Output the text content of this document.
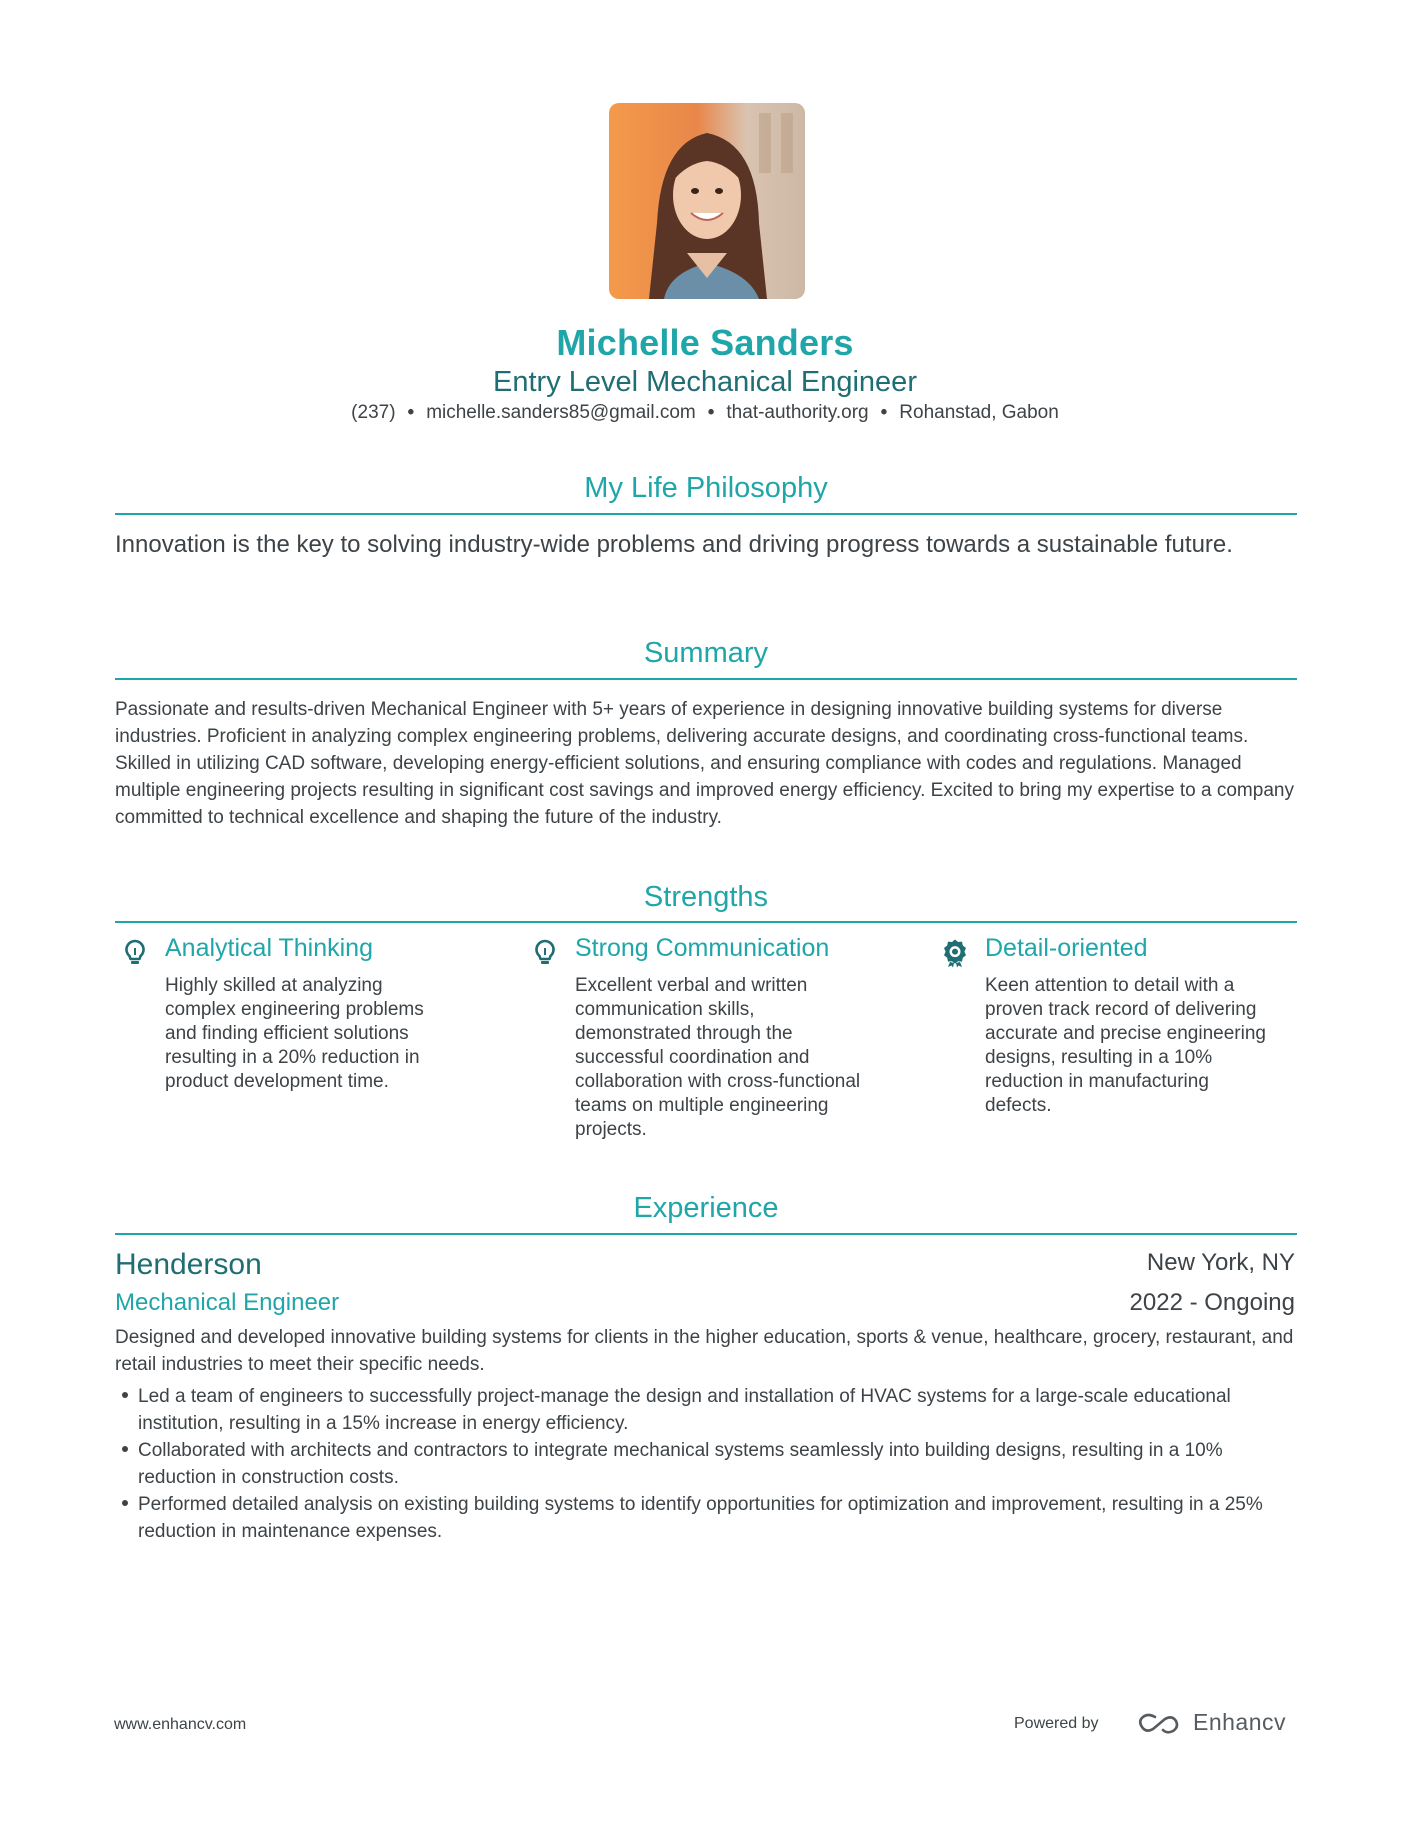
Michelle Sanders
Entry Level Mechanical Engineer
(237) • michelle.sanders85@gmail.com • that-authority.org • Rohanstad, Gabon
My Life Philosophy
Innovation is the key to solving industry-wide problems and driving progress towards a sustainable future.
Summary
Passionate and results-driven Mechanical Engineer with 5+ years of experience in designing innovative building systems for diverse industries. Proficient in analyzing complex engineering problems, delivering accurate designs, and coordinating cross-functional teams. Skilled in utilizing CAD software, developing energy-efficient solutions, and ensuring compliance with codes and regulations. Managed multiple engineering projects resulting in significant cost savings and improved energy efficiency. Excited to bring my expertise to a company committed to technical excellence and shaping the future of the industry.
Strengths
Analytical Thinking
Highly skilled at analyzing complex engineering problems and finding efficient solutions resulting in a 20% reduction in product development time.
Strong Communication
Excellent verbal and written communication skills, demonstrated through the successful coordination and collaboration with cross-functional teams on multiple engineering projects.
Detail-oriented
Keen attention to detail with a proven track record of delivering accurate and precise engineering designs, resulting in a 10% reduction in manufacturing defects.
Experience
Henderson	New York, NY
Mechanical Engineer	2022 - Ongoing
Designed and developed innovative building systems for clients in the higher education, sports & venue, healthcare, grocery, restaurant, and retail industries to meet their specific needs.
Led a team of engineers to successfully project-manage the design and installation of HVAC systems for a large-scale educational institution, resulting in a 15% increase in energy efficiency.
Collaborated with architects and contractors to integrate mechanical systems seamlessly into building designs, resulting in a 10% reduction in construction costs.
Performed detailed analysis on existing building systems to identify opportunities for optimization and improvement, resulting in a 25% reduction in maintenance expenses.
www.enhancv.com	Powered by	Enhancv
